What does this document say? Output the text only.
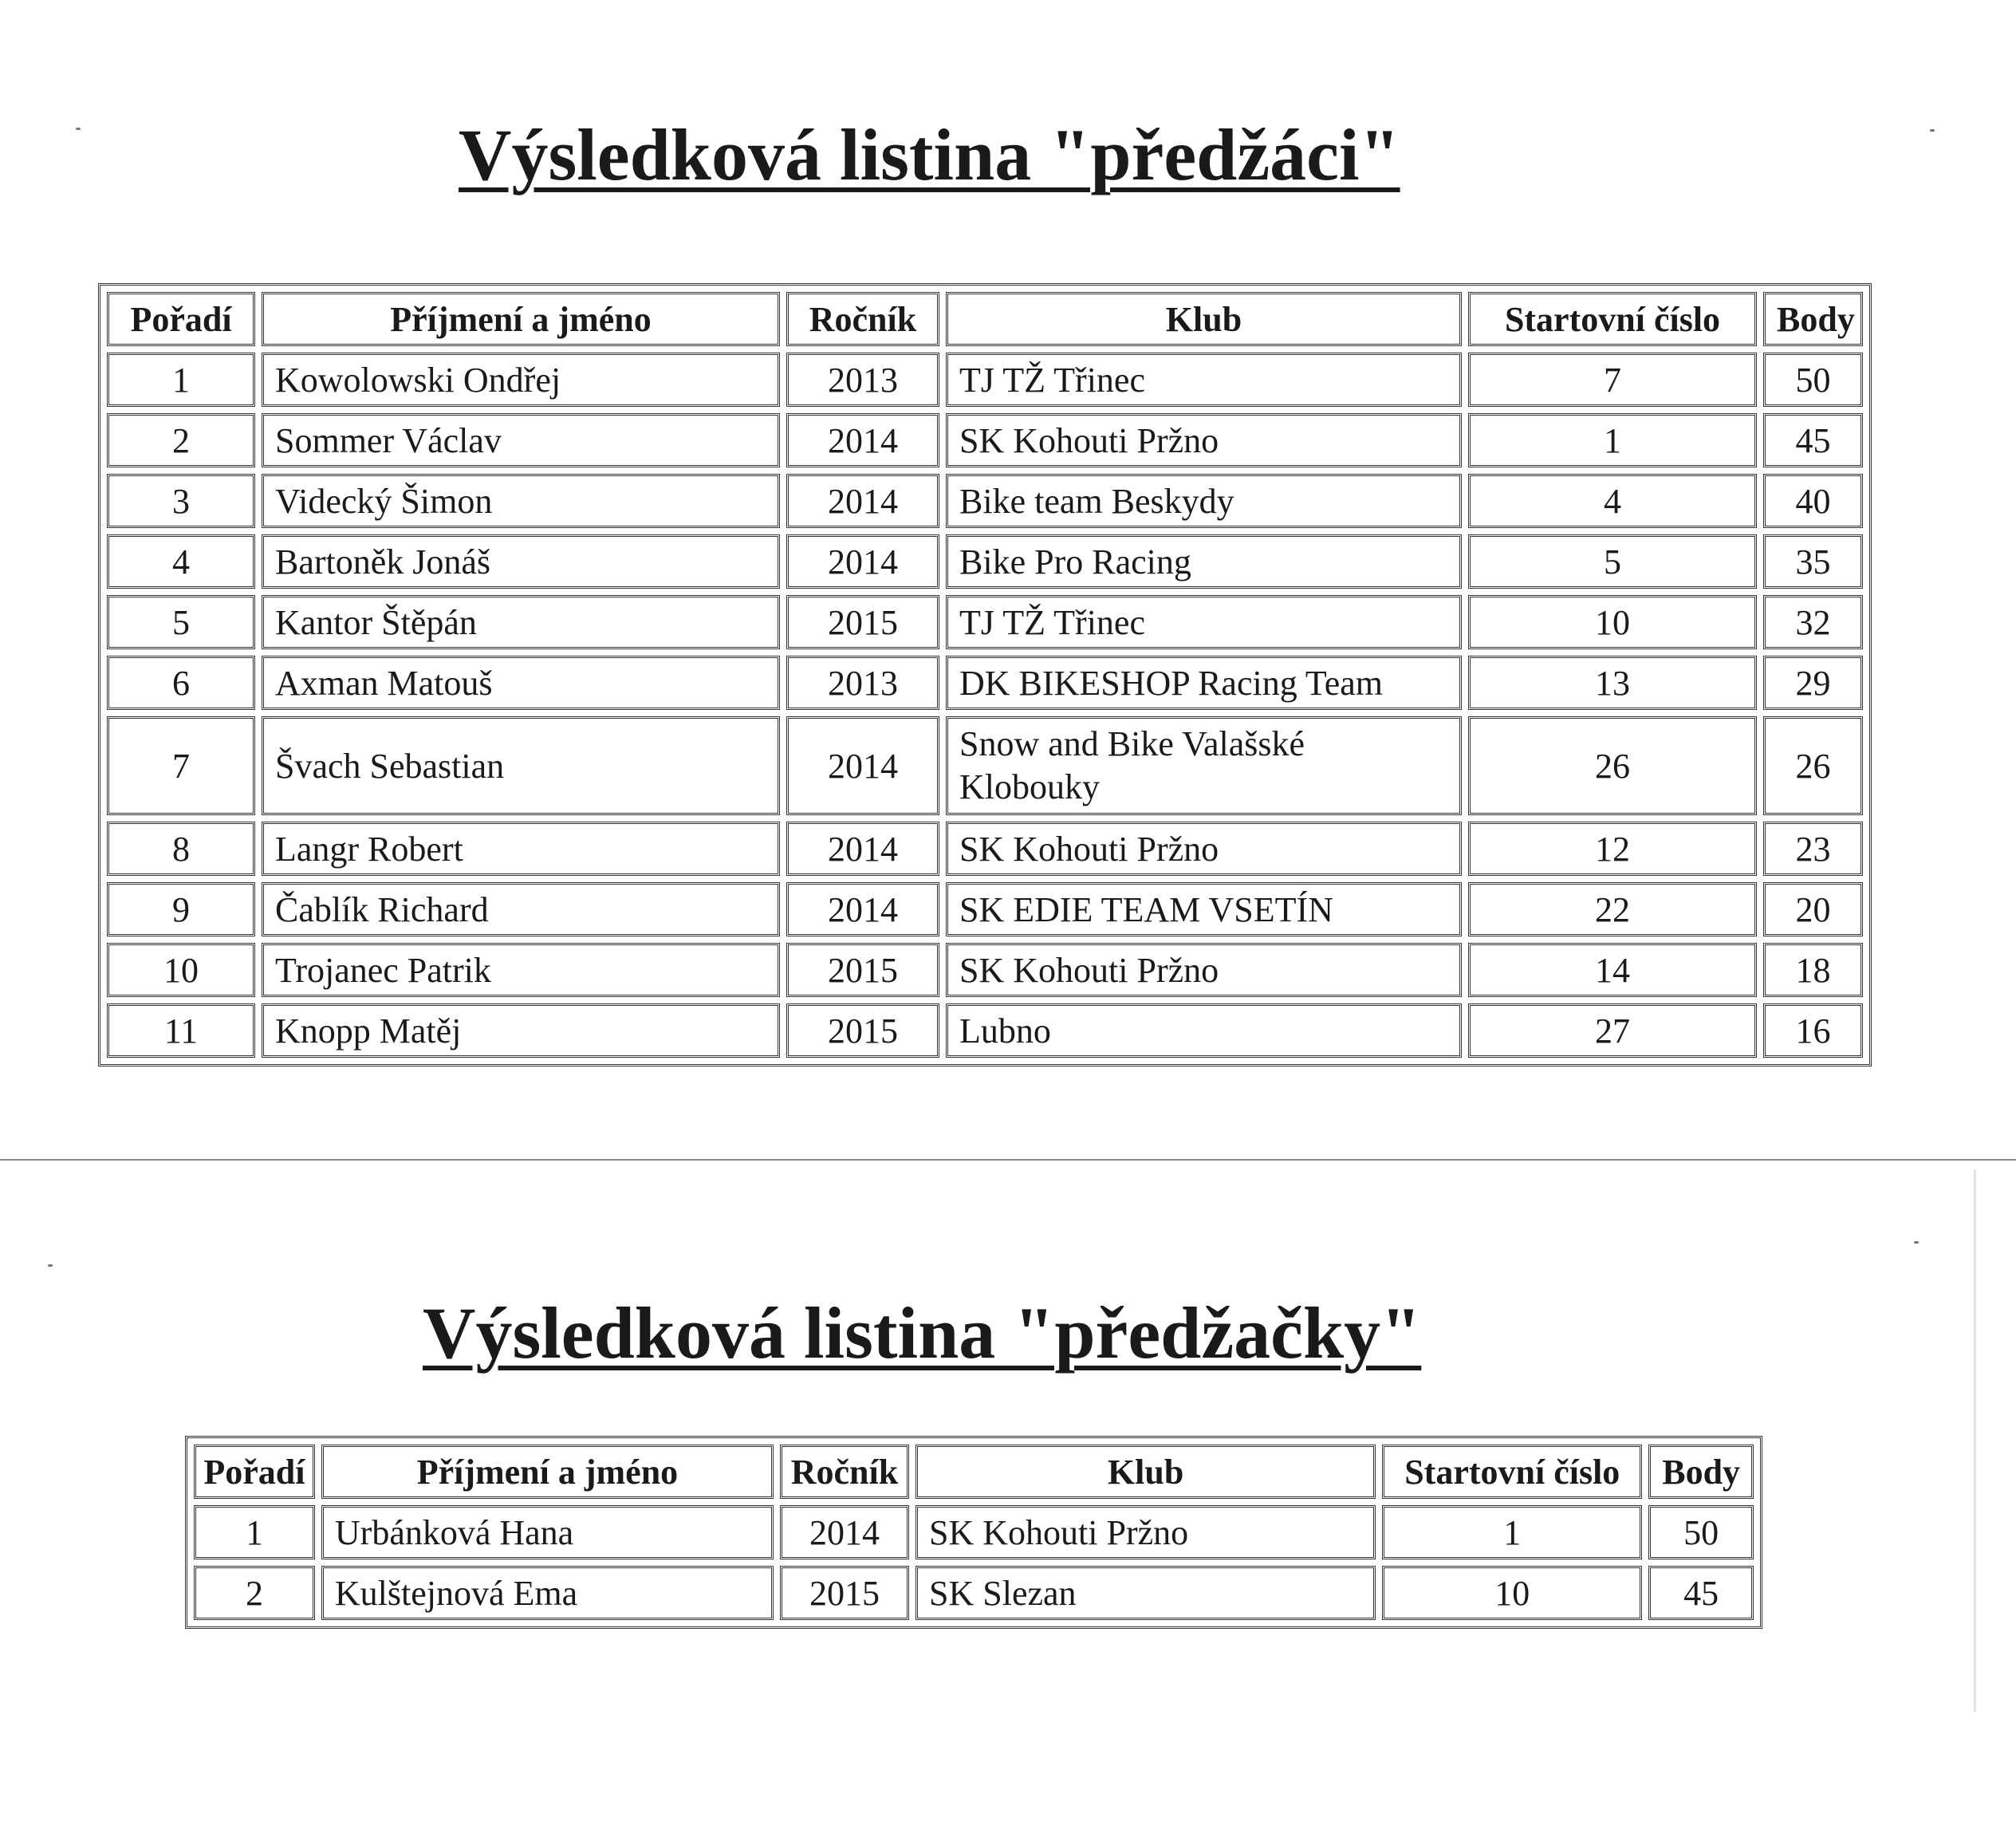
Výsledková listina "předžáci"
Pořadí	Příjmení a jméno	Ročník	Klub	Startovní číslo	Body
1	Kowolowski Ondřej	2013	TJ TŽ Třinec	7	50
2	Sommer Václav	2014	SK Kohouti Pržno	1	45
3	Videcký Šimon	2014	Bike team Beskydy	4	40
4	Bartoněk Jonáš	2014	Bike Pro Racing	5	35
5	Kantor Štěpán	2015	TJ TŽ Třinec	10	32
6	Axman Matouš	2013	DK BIKESHOP Racing Team	13	29
7	Švach Sebastian	2014	Snow and Bike Valašské Klobouky	26	26
8	Langr Robert	2014	SK Kohouti Pržno	12	23
9	Čablík Richard	2014	SK EDIE TEAM VSETÍN	22	20
10	Trojanec Patrik	2015	SK Kohouti Pržno	14	18
11	Knopp Matěj	2015	Lubno	27	16
Výsledková listina "předžačky"
Pořadí	Příjmení a jméno	Ročník	Klub	Startovní číslo	Body
1	Urbánková Hana	2014	SK Kohouti Pržno	1	50
2	Kulštejnová Ema	2015	SK Slezan	10	45
